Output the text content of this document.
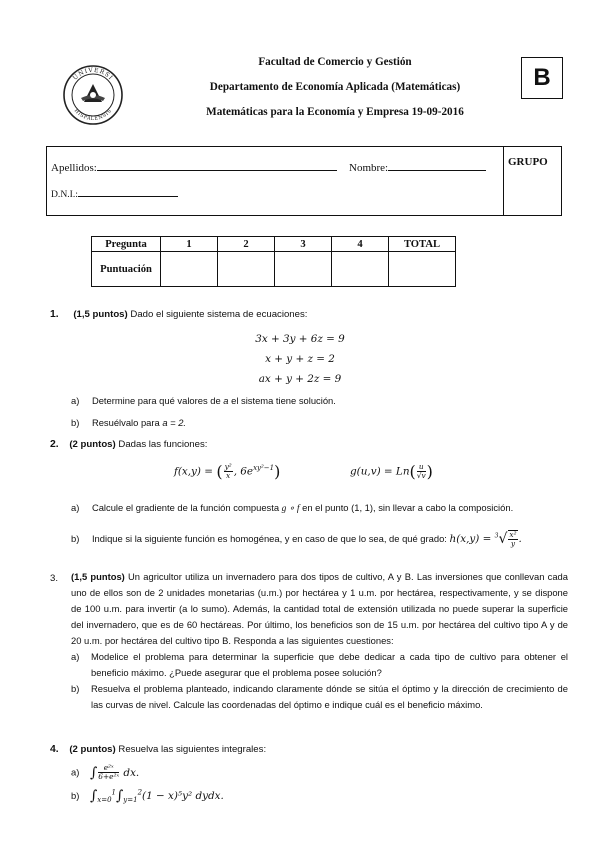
UNIVERSI
HISPALENSIS
Facultad de Comercio y Gestión
Departamento de Economía Aplicada (Matemáticas)
Matemáticas para la Economía y Empresa 19-09-2016
B
Apellidos:	Nombre:	GRUPO
D.N.I.:
Pregunta	1	2	3	4	TOTAL
Puntuación					
1. (1,5 puntos) Dado el siguiente sistema de ecuaciones:
3x + 3y + 6z = 9
x + y + z = 2
ax + y + 2z = 9
a) Determine para qué valores de a el sistema tiene solución.
b) Resuélvalo para a = 2.
2. (2 puntos) Dadas las funciones:
f(x,y) = ( $\frac{\text{y²}}{x}$ , $6e^{xy^2-1}$)	$g(u,v) = Ln( \frac{u}{√v}$ )
a) Calcule el gradiente de la función compuesta g ∘ f en el punto (1, 1), sin llevar a cabo la composición.
b) Indique si la siguiente función es homogénea, y en caso de que lo sea, de qué grado: $h(x,y) = ^3√ \frac{\text{x²}}{y}$ .
3. (1,5 puntos) Un agricultor utiliza un invernadero para dos tipos de cultivo, A y B. Las inversiones que conllevan cada uno de ellos son de 2 unidades monetarias (u.m.) por hectárea y 1 u.m. por hectárea, respectivamente, y se dispone de 100 u.m. para invertir (a lo sumo). Además, la cantidad total de extensión utilizada no puede superar la superficie del invernadero, que es de 60 hectáreas. Por último, los beneficios son de 15 u.m. por hectárea del cultivo tipo A y de 20 u.m. por hectárea del cultivo tipo B. Responda a las siguientes cuestiones:
a) Modelice el problema para determinar la superficie que debe dedicar a cada tipo de cultivo para obtener el beneficio máximo. ¿Puede asegurar que el problema posee solución?
b) Resuelva el problema planteado, indicando claramente dónde se sitúa el óptimo y la dirección de crecimiento de las curvas de nivel. Calcule las coordenadas del óptimo e indique cuál es el beneficio máximo.
4. (2 puntos) Resuelva las siguientes integrales:
a) ∫ $\frac{\text{e²ˣ}}{\text{6+e²ˣ}}$ dx.
b) $\int_{x=0}^1\int_{y=1}^2(1 - x)^5y^2$ dydx.
